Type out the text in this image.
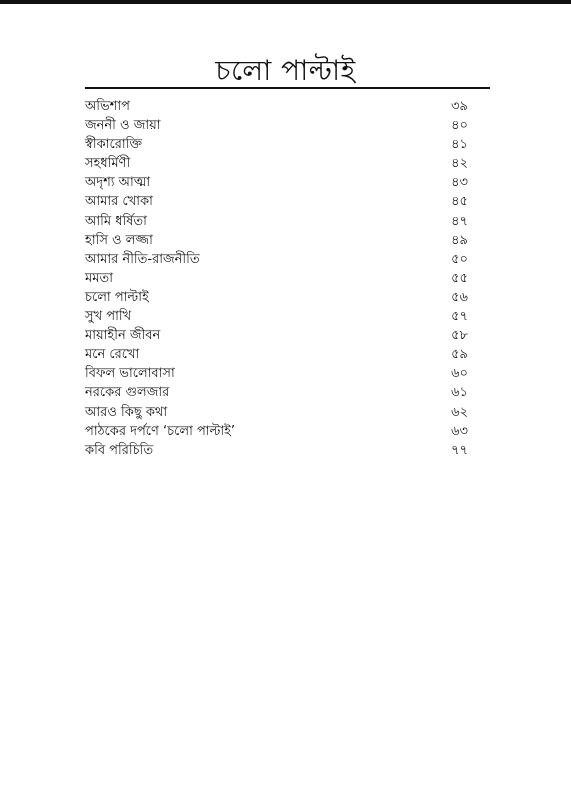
চলো পাল্টাই
অভিশাপ	৩৯
জননী ও জায়া	৪০
স্বীকারোক্তি	৪১
সহধর্মিণী	৪২
অদৃশ্য আত্মা	৪৩
আমার খোকা	৪৫
আমি ধর্ষিতা	৪৭
হাসি ও লজ্জা	৪৯
আমার নীতি-রাজনীতি	৫০
মমতা	৫৫
চলো পাল্টাই	৫৬
সুখ পাখি	৫৭
মায়াহীন জীবন	৫৮
মনে রেখো	৫৯
বিফল ভালোবাসা	৬০
নরকের গুলজার	৬১
আরও কিছু কথা	৬২
পাঠকের দর্পণে ‘চলো পাল্টাই’	৬৩
কবি পরিচিতি	৭৭
